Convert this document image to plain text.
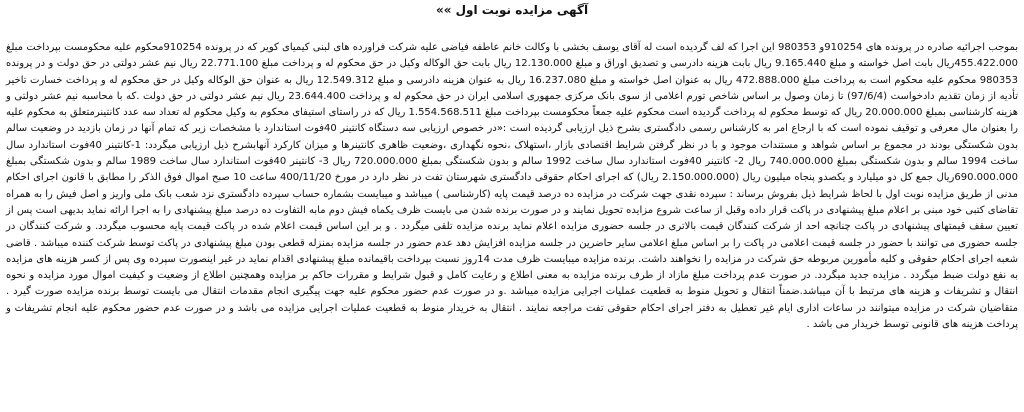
آگهی مزایده نوبت اول »»

بموجب اجرائیه صادره در پرونده های 910254و 980353 این اجرا که لف گردیده است له آقای یوسف بخشی با وکالت خانم عاطفه فیاضی علیه شرکت فراورده های لبنی کیمیای کویر که در پرونده 910254محکوم علیه محکومست بپرداخت مبلغ 455.422.000ریال بابت اصل خواسته و مبلغ 9.165.440 ریال بابت هزینه دادرسی و تصدیق اوراق و مبلغ 12.130.000 ریال بابت حق الوکاله وکیل در حق محکوم له و پرداخت مبلغ 22.771.100 ریال نیم عشر دولتی در حق دولت و در پرونده 980353 محکوم علیه محکوم است به پرداخت مبلغ 472.888.000 ریال به عنوان اصل خواسته و مبلغ 16.237.080 ریال به عنوان هزینه دادرسی و مبلغ 12.549.312 ریال به عنوان حق الوکاله وکیل در حق محکوم له و پرداخت خسارت تاخیر تأدیه از زمان تقدیم دادخواست (97/6/4) تا زمان وصول بر اساس شاخص تورم اعلامی از سوی بانک مرکزی جمهوری اسلامی ایران در حق محکوم له و پرداخت 23.644.400 ریال نیم عشر دولتی در حق دولت .که با محاسبه نیم عشر دولتی و هزینه کارشناسی بمبلغ 20.000.000 ریال که توسط محکوم له پرداخت گردیده است محکوم علیه جمعاً محکومست بپرداخت مبلغ 1.554.568.511 ریال که در راستای استیفای محکوم به وکیل محکوم له تعداد سه عدد کانتینرمتعلق به محکوم علیه را بعنوان مال معرفی و توقیف نموده است که با ارجاع امر به کارشناس رسمی دادگستری بشرح ذیل ارزیابی گردیده است :«در خصوص ارزیابی سه دستگاه کانتینر 40فوت استاندارد با مشخصات زیر که تمام آنها در زمان بازدید در وضعیت سالم بدون شکستگی بودند در مجموع بر اساس شواهد و مستندات موجود و با در نظر گرفتن شرایط اقتصادی بازار ،استهلاک ،نحوه نگهداری ،وضعیت ظاهری کانتینرها و میزان کارکرد آنهابشرح ذیل ارزیابی میگردد: 1-کانتینر 40فوت استاندارد سال ساخت 1994 سالم و بدون شکستگی بمبلغ 740.000.000 ریال 2- کانتینر 40فوت استاندارد سال ساخت 1992 سالم و بدون شکستگی بمبلغ 720.000.000 ریال 3- کانتینر 40فوت استاندارد سال ساخت 1989 سالم و بدون شکستگی بمبلغ 690.000.000ریال جمع کل دو میلیارد و یکصدو پنجاه میلیون ریال (2.150.000.000 ریال) که اجرای احکام حقوقی دادگستری شهرستان تفت در نظر دارد در مورخ 400/11/20 ساعت 10 صبح اموال فوق الذکر را مطابق با قانون اجرای احکام مدنی از طریق مزایده نوبت اول با لحاظ شرایط ذیل بفروش برساند : سپرده نقدی جهت شرکت در مزایده ده درصد قیمت پایه (کارشناسی ) میباشد و میبایست بشماره حساب سپرده دادگستری نزد شعب بانک ملی واریز و اصل فیش را به همراه تقاضای کتبی خود مبنی بر اعلام مبلغ پیشنهادی در پاکت قرار داده وقبل از ساعت شروع مزایده تحویل نمایند و در صورت برنده شدن می بایست ظرف یکماه فیش دوم مابه التفاوت ده درصد مبلغ پیشنهادی را به اجرا ارائه نماید بدیهی است پس از تعیین سقف قیمتهای پیشنهادی در پاکت چنانچه احد از شرکت کنندگان قیمت بالاتری در جلسه حضوری مزایده اعلام نماید برنده مزایده تلقی میگردد . و بر این اساس قیمت اعلام شده در پاکت قیمت پایه محسوب میگردد. و شرکت کنندگان در جلسه حضوری می توانند با حضور در جلسه قیمت اعلامی در پاکت را بر اساس مبلغ اعلامی سایر حاضرین در جلسه مزایده افزایش دهد عدم حضور در جلسه مزایده بمنزله قطعی بودن مبلغ پیشنهادی در پاکت توسط شرکت کننده میباشد . قاضی شعبه اجرای احکام حقوقی و کلیه مأمورین مربوطه حق شرکت در مزایده را نخواهند داشت. برنده مزایده میبایست ظرف مدت 14روز نسبت بپرداخت باقیمانده مبلغ پیشنهادی اقدام نماید در غیر اینصورت سپرده وی پس از کسر هزینه های مزایده به نفع دولت ضبط میگردد . مزایده جدید میگردد. در صورت عدم پرداخت مبلغ مازاد از طرف برنده مزایده به معنی اطلاع و رعایت کامل و قبول شرایط و مقررات حاکم بر مزایده وهمچنین اطلاع از وضعیت و کیفیت اموال مورد مزایده و نحوه انتقال و تشریفات و هزینه های مرتبط با آن میباشد.ضمناً انتقال و تحویل منوط به قطعیت عملیات اجرایی مزایده میباشد .و در صورت عدم حضور محکوم علیه جهت پیگیری انجام مقدمات انتقال می بایست توسط برنده مزایده صورت گیرد . متقاضیان شرکت در مزایده میتوانند در ساعات اداری ایام غیر تعطیل به دفتر اجرای احکام حقوقی تفت مراجعه نمایند . انتقال به خریدار منوط به قطعیت عملیات اجرایی مزایده می باشد و در صورت عدم حضور محکوم علیه انجام تشریفات و پرداخت هزینه های قانونی توسط خریدار می باشد .
